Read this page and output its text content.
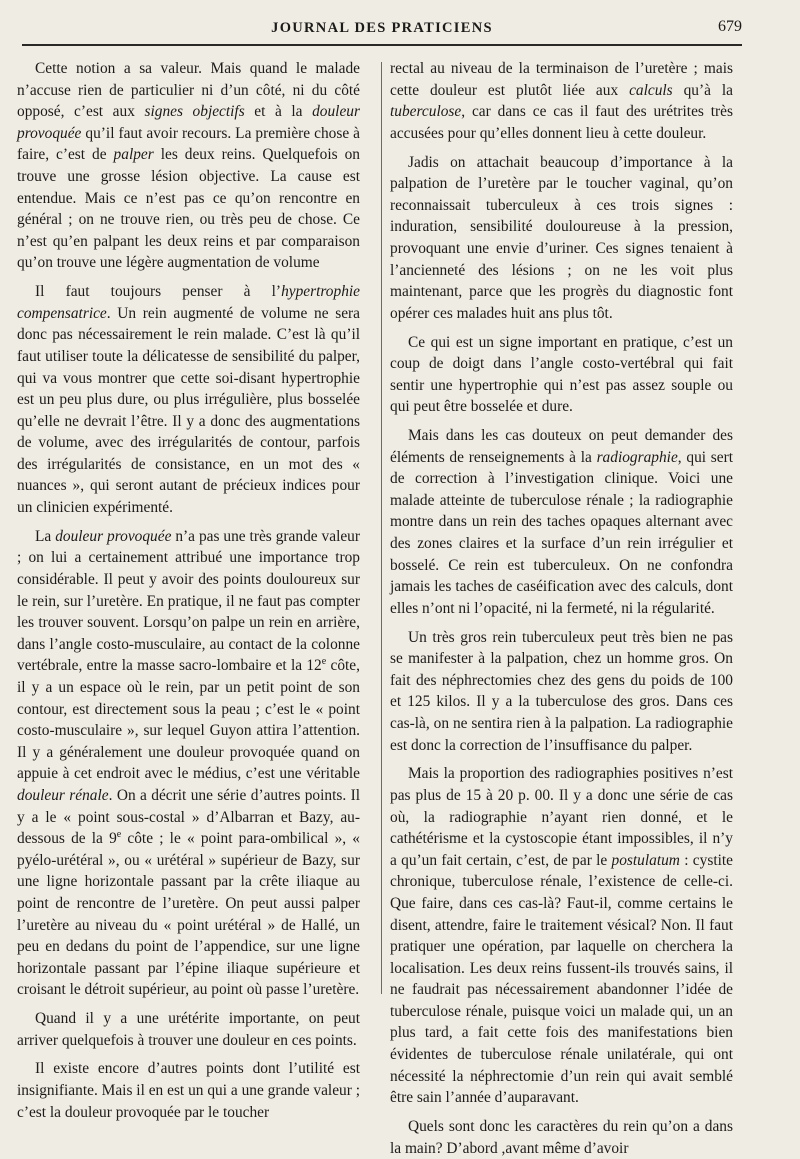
JOURNAL DES PRATICIENS	679

Cette notion a sa valeur. Mais quand le malade n’accuse rien de particulier ni d’un côté, ni du côté opposé, c’est aux signes objectifs et à la douleur provoquée qu’il faut avoir recours. La première chose à faire, c’est de palper les deux reins. Quelquefois on trouve une grosse lésion objective. La cause est entendue. Mais ce n’est pas ce qu’on rencontre en général ; on ne trouve rien, ou très peu de chose. Ce n’est qu’en palpant les deux reins et par comparaison qu’on trouve une légère augmentation de volume

Il faut toujours penser à l’hypertrophie compensatrice. Un rein augmenté de volume ne sera donc pas nécessairement le rein malade. C’est là qu’il faut utiliser toute la délicatesse de sensibilité du palper, qui va vous montrer que cette soi-disant hypertrophie est un peu plus dure, ou plus irrégulière, plus bosselée qu’elle ne devrait l’être. Il y a donc des augmentations de volume, avec des irrégularités de contour, parfois des irrégularités de consistance, en un mot des « nuances », qui seront autant de précieux indices pour un clinicien expérimenté.

La douleur provoquée n’a pas une très grande valeur ; on lui a certainement attribué une importance trop considérable. Il peut y avoir des points douloureux sur le rein, sur l’uretère. En pratique, il ne faut pas compter les trouver souvent. Lorsqu’on palpe un rein en arrière, dans l’angle costo-musculaire, au contact de la colonne vertébrale, entre la masse sacro-lombaire et la 12e côte, il y a un espace où le rein, par un petit point de son contour, est directement sous la peau ; c’est le « point costo-musculaire », sur lequel Guyon attira l’attention. Il y a généralement une douleur provoquée quand on appuie à cet endroit avec le médius, c’est une véritable douleur rénale. On a décrit une série d’autres points. Il y a le « point sous-costal » d’Albarran et Bazy, au-dessous de la 9e côte ; le « point para-ombilical », « pyélo-urétéral », ou « urétéral » supérieur de Bazy, sur une ligne horizontale passant par la crête iliaque au point de rencontre de l’uretère. On peut aussi palper l’uretère au niveau du « point urétéral » de Hallé, un peu en dedans du point de l’appendice, sur une ligne horizontale passant par l’épine iliaque supérieure et croisant le détroit supérieur, au point où passe l’uretère.

Quand il y a une urétérite importante, on peut arriver quelquefois à trouver une douleur en ces points.

Il existe encore d’autres points dont l’utilité est insignifiante. Mais il en est un qui a une grande valeur ; c’est la douleur provoquée par le toucher

rectal au niveau de la terminaison de l’uretère ; mais cette douleur est plutôt liée aux calculs qu’à la tuberculose, car dans ce cas il faut des urétrites très accusées pour qu’elles donnent lieu à cette douleur.

Jadis on attachait beaucoup d’importance à la palpation de l’uretère par le toucher vaginal, qu’on reconnaissait tuberculeux à ces trois signes : induration, sensibilité douloureuse à la pression, provoquant une envie d’uriner. Ces signes tenaient à l’ancienneté des lésions ; on ne les voit plus maintenant, parce que les progrès du diagnostic font opérer ces malades huit ans plus tôt.

Ce qui est un signe important en pratique, c’est un coup de doigt dans l’angle costo-vertébral qui fait sentir une hypertrophie qui n’est pas assez souple ou qui peut être bosselée et dure.

Mais dans les cas douteux on peut demander des éléments de renseignements à la radiographie, qui sert de correction à l’investigation clinique. Voici une malade atteinte de tuberculose rénale ; la radiographie montre dans un rein des taches opaques alternant avec des zones claires et la surface d’un rein irrégulier et bosselé. Ce rein est tuberculeux. On ne confondra jamais les taches de caséification avec des calculs, dont elles n’ont ni l’opacité, ni la fermeté, ni la régularité.

Un très gros rein tuberculeux peut très bien ne pas se manifester à la palpation, chez un homme gros. On fait des néphrectomies chez des gens du poids de 100 et 125 kilos. Il y a la tuberculose des gros. Dans ces cas-là, on ne sentira rien à la palpation. La radiographie est donc la correction de l’insuffisance du palper.

Mais la proportion des radiographies positives n’est pas plus de 15 à 20 p. 00. Il y a donc une série de cas où, la radiographie n’ayant rien donné, et le cathétérisme et la cystoscopie étant impossibles, il n’y a qu’un fait certain, c’est, de par le postulatum : cystite chronique, tuberculose rénale, l’existence de celle-ci. Que faire, dans ces cas-là? Faut-il, comme certains le disent, attendre, faire le traitement vésical? Non. Il faut pratiquer une opération, par laquelle on cherchera la localisation. Les deux reins fussent-ils trouvés sains, il ne faudrait pas nécessairement abandonner l’idée de tuberculose rénale, puisque voici un malade qui, un an plus tard, a fait cette fois des manifestations bien évidentes de tuberculose rénale unilatérale, qui ont nécessité la néphrectomie d’un rein qui avait semblé être sain l’année d’auparavant.

Quels sont donc les caractères du rein qu’on a dans la main? D’abord ,avant même d’avoir
